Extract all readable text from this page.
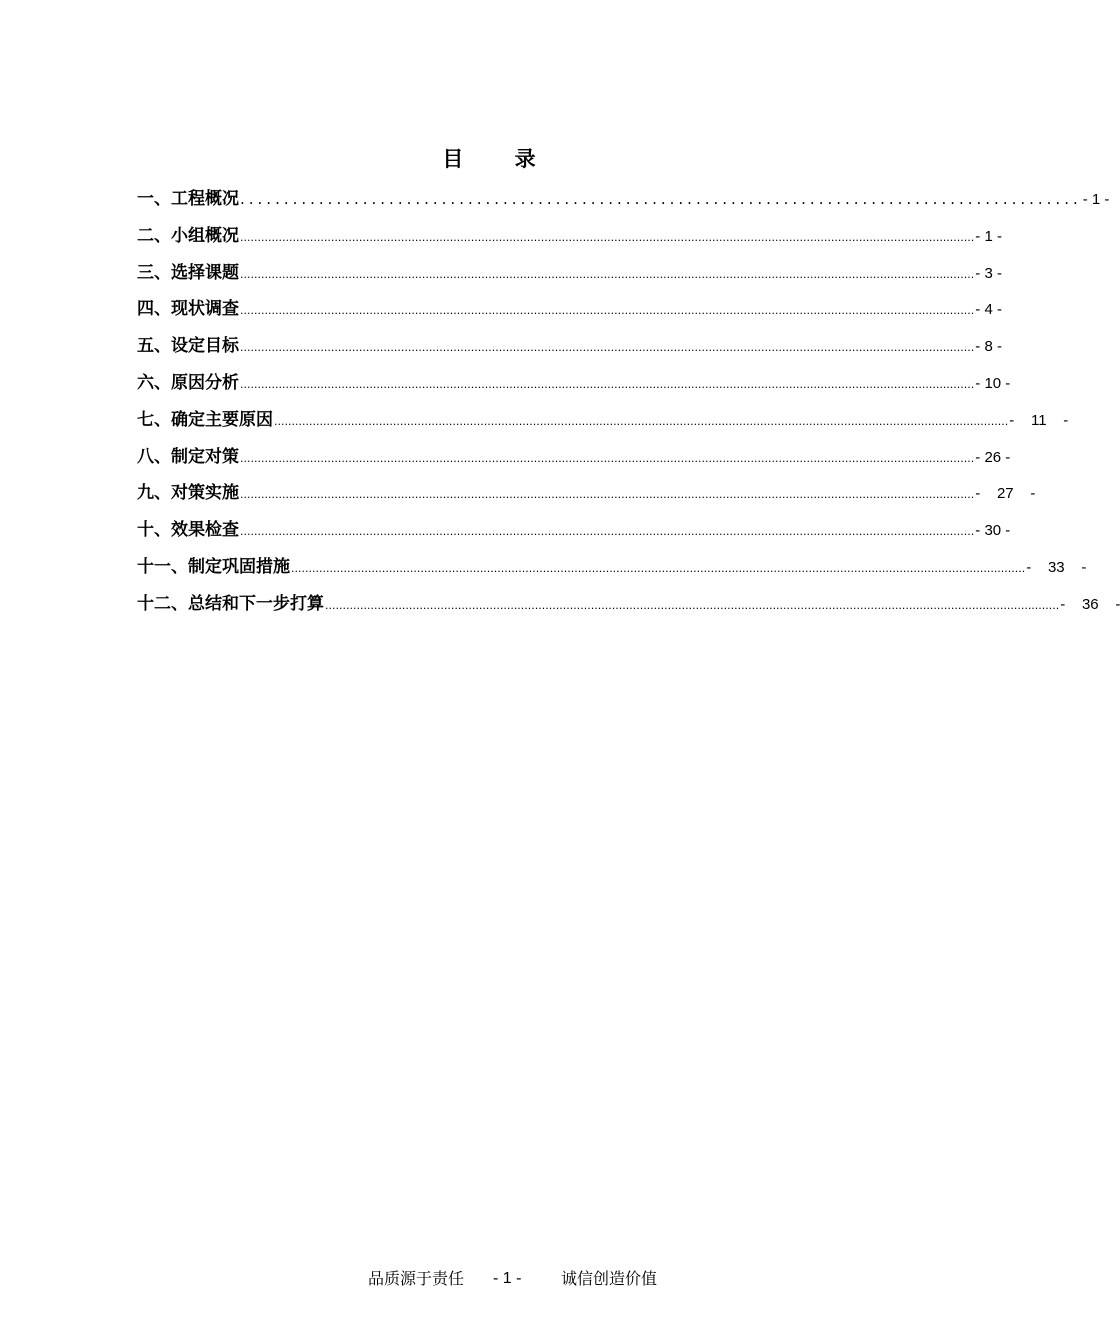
目 录
一、工程概况 ................................................................................................ - 1 -
二、小组概况 .................................................................................................................................................................................................................. - 1 -
三、选择课题 .................................................................................................................................................................................................................. - 3 -
四、现状调查 .................................................................................................................................................................................................................. - 4 -
五、设定目标 .................................................................................................................................................................................................................. - 8 -
六、原因分析 .................................................................................................................................................................................................................. - 10 -
七、确定主要原因 .................................................................................................................................................................................................................. -    11    -
八、制定对策 .................................................................................................................................................................................................................. - 26 -
九、对策实施 .................................................................................................................................................................................................................. -    27    -
十、效果检查 .................................................................................................................................................................................................................. - 30 -
十一、制定巩固措施 .................................................................................................................................................................................................................. -    33    -
十二、总结和下一步打算 .................................................................................................................................................................................................................. -    36    -
品质源于责任 - 1 - 诚信创造价值
